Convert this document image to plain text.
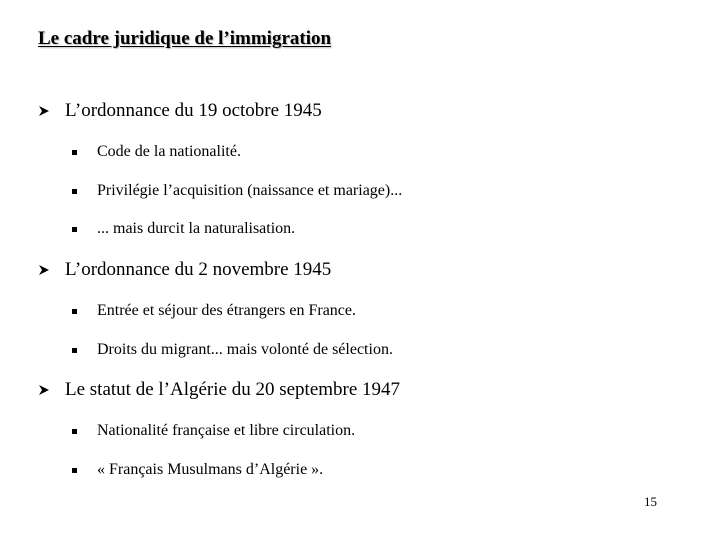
Le cadre juridique de l’immigration
L’ordonnance du 19 octobre 1945
Code de la nationalité.
Privilégie l’acquisition (naissance et mariage)...
... mais durcit la naturalisation.
L’ordonnance du 2 novembre 1945
Entrée et séjour des étrangers en France.
Droits du migrant... mais volonté de sélection.
Le statut de l’Algérie du 20 septembre 1947
Nationalité française et libre circulation.
« Français Musulmans d’Algérie ».
15
